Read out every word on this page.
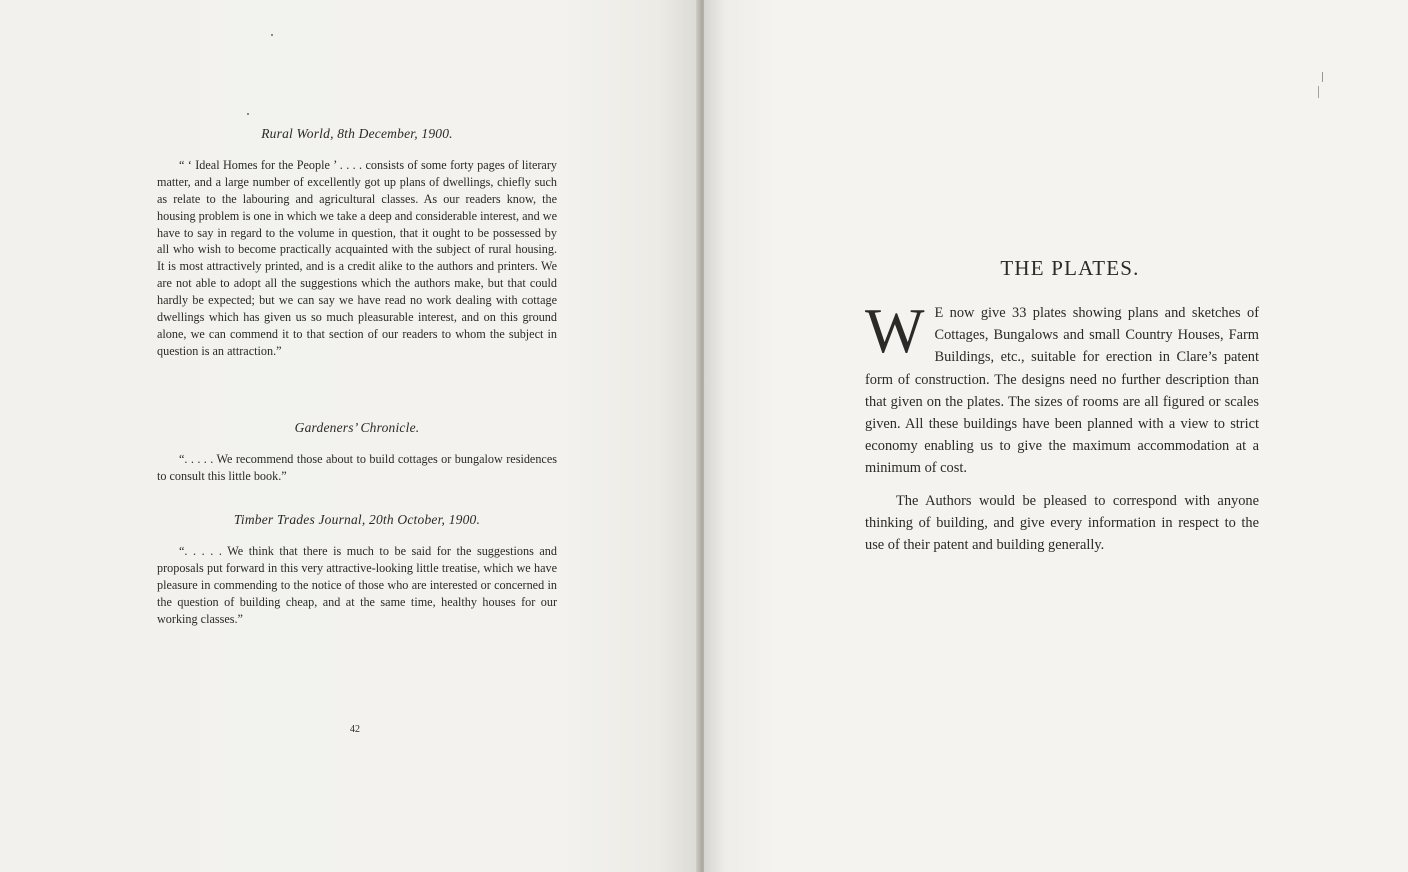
Rural World, 8th December, 1900.

“ ‘ Ideal Homes for the People ’ . . . . consists of some forty pages of literary matter, and a large number of excellently got up plans of dwellings, chiefly such as relate to the labouring and agricultural classes. As our readers know, the housing problem is one in which we take a deep and considerable interest, and we have to say in regard to the volume in question, that it ought to be possessed by all who wish to become practically acquainted with the subject of rural housing. It is most attractively printed, and is a credit alike to the authors and printers. We are not able to adopt all the suggestions which the authors make, but that could hardly be expected; but we can say we have read no work dealing with cottage dwellings which has given us so much pleasurable interest, and on this ground alone, we can commend it to that section of our readers to whom the subject in question is an attraction.”

Gardeners’ Chronicle.

“. . . . . We recommend those about to build cottages or bungalow residences to consult this little book.”

Timber Trades Journal, 20th October, 1900.

“. . . . . We think that there is much to be said for the suggestions and proposals put forward in this very attractive-looking little treatise, which we have pleasure in commending to the notice of those who are interested or concerned in the question of building cheap, and at the same time, healthy houses for our working classes.”

42
THE PLATES.

W E now give 33 plates showing plans and sketches of Cottages, Bungalows and small Country Houses, Farm Buildings, etc., suitable for erection in Clare’s patent form of construction. The designs need no further description than that given on the plates. The sizes of rooms are all figured or scales given. All these buildings have been planned with a view to strict economy enabling us to give the maximum accommodation at a minimum of cost.

The Authors would be pleased to correspond with anyone thinking of building, and give every information in respect to the use of their patent and building generally.
